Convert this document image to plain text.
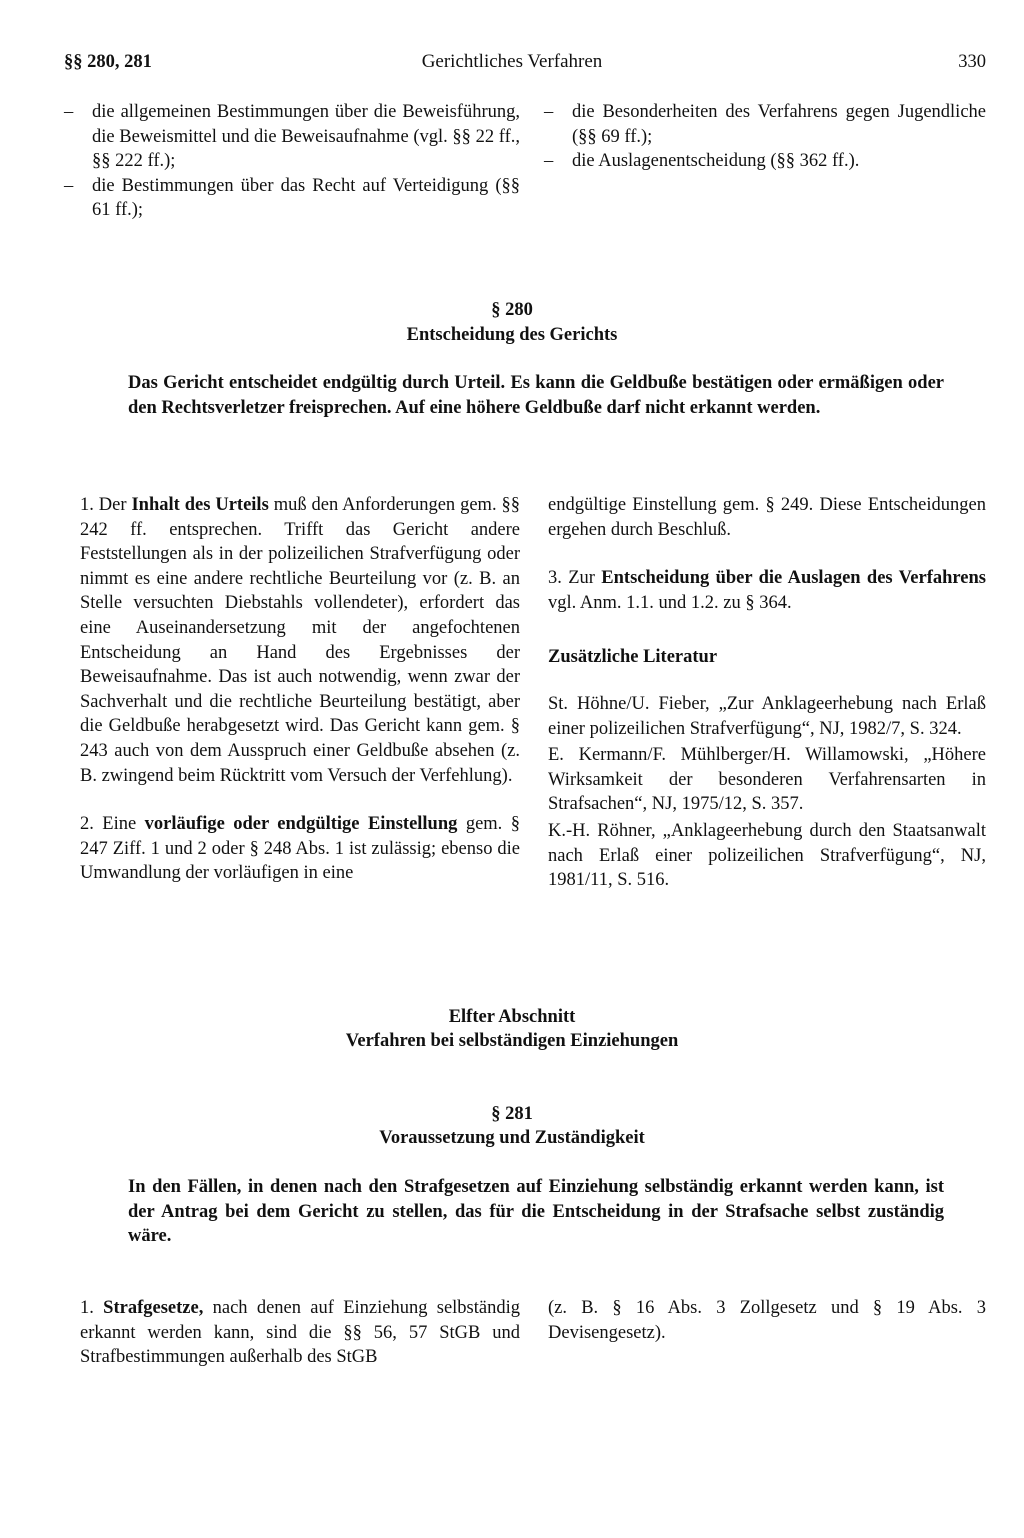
§§ 280, 281	Gerichtliches Verfahren	330
– die allgemeinen Bestimmungen über die Beweisführung, die Beweismittel und die Beweisaufnahme (vgl. §§ 22 ff., §§ 222 ff.);
– die Bestimmungen über das Recht auf Verteidigung (§§ 61 ff.);
– die Besonderheiten des Verfahrens gegen Jugendliche (§§ 69 ff.);
– die Auslagenentscheidung (§§ 362 ff.).
§ 280
Entscheidung des Gerichts
Das Gericht entscheidet endgültig durch Urteil. Es kann die Geldbuße bestätigen oder ermäßigen oder den Rechtsverletzer freisprechen. Auf eine höhere Geldbuße darf nicht erkannt werden.

1. Der Inhalt des Urteils muß den Anforderungen gem. §§ 242 ff. entsprechen. Trifft das Gericht andere Feststellungen als in der polizeilichen Strafverfügung oder nimmt es eine andere rechtliche Beurteilung vor (z. B. an Stelle versuchten Diebstahls vollendeter), erfordert das eine Auseinandersetzung mit der angefochtenen Entscheidung an Hand des Ergebnisses der Beweisaufnahme. Das ist auch notwendig, wenn zwar der Sachverhalt und die rechtliche Beurteilung bestätigt, aber die Geldbuße herabgesetzt wird. Das Gericht kann gem. § 243 auch von dem Ausspruch einer Geldbuße absehen (z. B. zwingend beim Rücktritt vom Versuch der Verfehlung).

2. Eine vorläufige oder endgültige Einstellung gem. § 247 Ziff. 1 und 2 oder § 248 Abs. 1 ist zulässig; ebenso die Umwandlung der vorläufigen in eine

endgültige Einstellung gem. § 249. Diese Entscheidungen ergehen durch Beschluß.

3. Zur Entscheidung über die Auslagen des Verfahrens vgl. Anm. 1.1. und 1.2. zu § 364.

Zusätzliche Literatur
St. Höhne/U. Fieber, „Zur Anklageerhebung nach Erlaß einer polizeilichen Strafverfügung“, NJ, 1982/7, S. 324.
E. Kermann/F. Mühlberger/H. Willamowski, „Höhere Wirksamkeit der besonderen Verfahrensarten in Strafsachen“, NJ, 1975/12, S. 357.
K.-H. Röhner, „Anklageerhebung durch den Staatsanwalt nach Erlaß einer polizeilichen Strafverfügung“, NJ, 1981/11, S. 516.
Elfter Abschnitt
Verfahren bei selbständigen Einziehungen
§ 281
Voraussetzung und Zuständigkeit
In den Fällen, in denen nach den Strafgesetzen auf Einziehung selbständig erkannt werden kann, ist der Antrag bei dem Gericht zu stellen, das für die Entscheidung in der Strafsache selbst zuständig wäre.

1. Strafgesetze, nach denen auf Einziehung selbständig erkannt werden kann, sind die §§ 56, 57 StGB und Strafbestimmungen außerhalb des StGB

(z. B. § 16 Abs. 3 Zollgesetz und § 19 Abs. 3 Devisengesetz).
